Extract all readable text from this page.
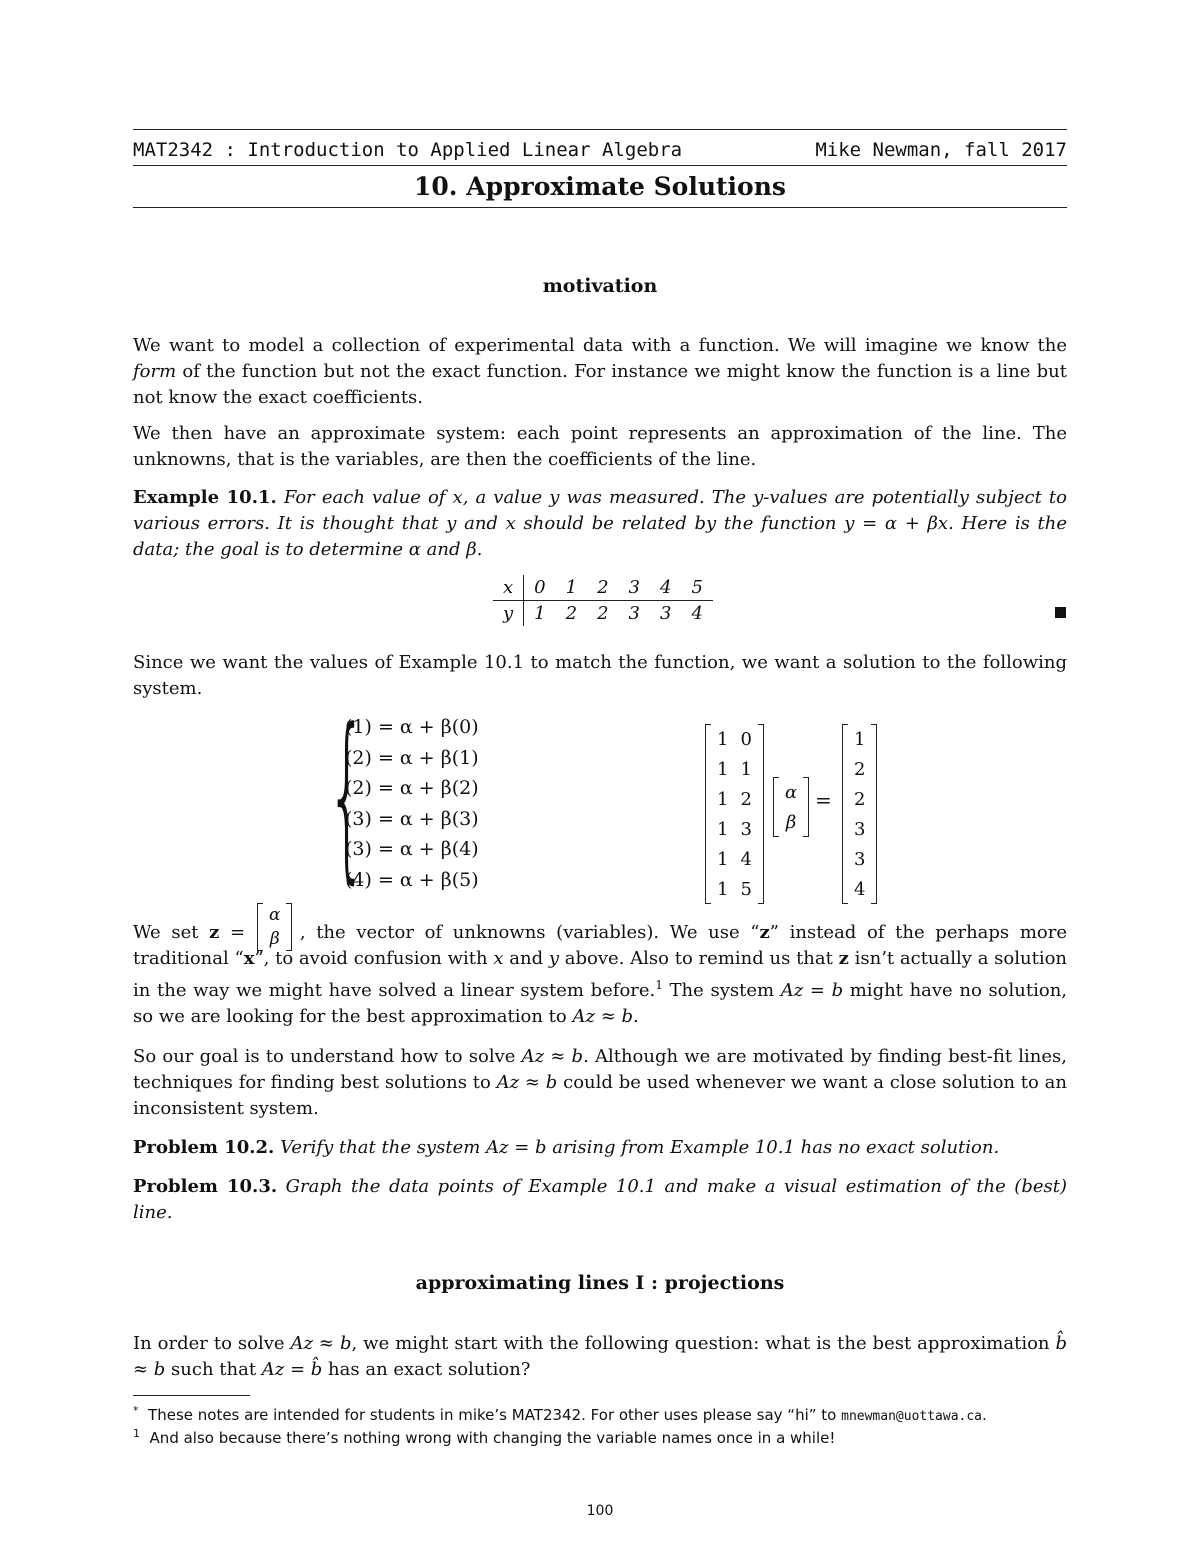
MAT2342 : Introduction to Applied Linear Algebra	Mike Newman, fall 2017
10. Approximate Solutions
motivation
We want to model a collection of experimental data with a function. We will imagine we know the form of the function but not the exact function. For instance we might know the function is a line but not know the exact coefficients.
We then have an approximate system: each point represents an approximation of the line. The unknowns, that is the variables, are then the coefficients of the line.
Example 10.1. For each value of x, a value y was measured. The y-values are potentially subject to various errors. It is thought that y and x should be related by the function y = α + βx. Here is the data; the goal is to determine α and β.
x	0	1	2	3	4	5
y	1	2	2	3	3	4
Since we want the values of Example 10.1 to match the function, we want a solution to the following system.
{
(1) = α + β(0)
(2) = α + β(1)
(2) = α + β(2)
(3) = α + β(3)
(3) = α + β(4)
(4) = α + β(5)
1	0
1	1
1	2
1	3
1	4
1	5
α
β
=
1
2
2
3
3
4
α
β
We set z = , the vector of unknowns (variables). We use “z” instead of the perhaps more traditional “x”, to avoid confusion with x and y above. Also to remind us that z isn’t actually a solution in the way we might have solved a linear system before.$^1$ The system Az = b might have no solution, so we are looking for the best approximation to Az ≈ b.
So our goal is to understand how to solve Az ≈ b. Although we are motivated by finding best-fit lines, techniques for finding best solutions to Az ≈ b could be used whenever we want a close solution to an inconsistent system.
Problem 10.2. Verify that the system Az = b arising from Example 10.1 has no exact solution.
Problem 10.3. Graph the data points of Example 10.1 and make a visual estimation of the (best) line.
approximating lines I : projections
In order to solve Az ≈ b, we might start with the following question: what is the best approximation b̂ ≈ b such that Az = b̂ has an exact solution?
* These notes are intended for students in mike’s MAT2342. For other uses please say “hi” to mnewman@uottawa.ca.
$^1$ And also because there’s nothing wrong with changing the variable names once in a while!
100
